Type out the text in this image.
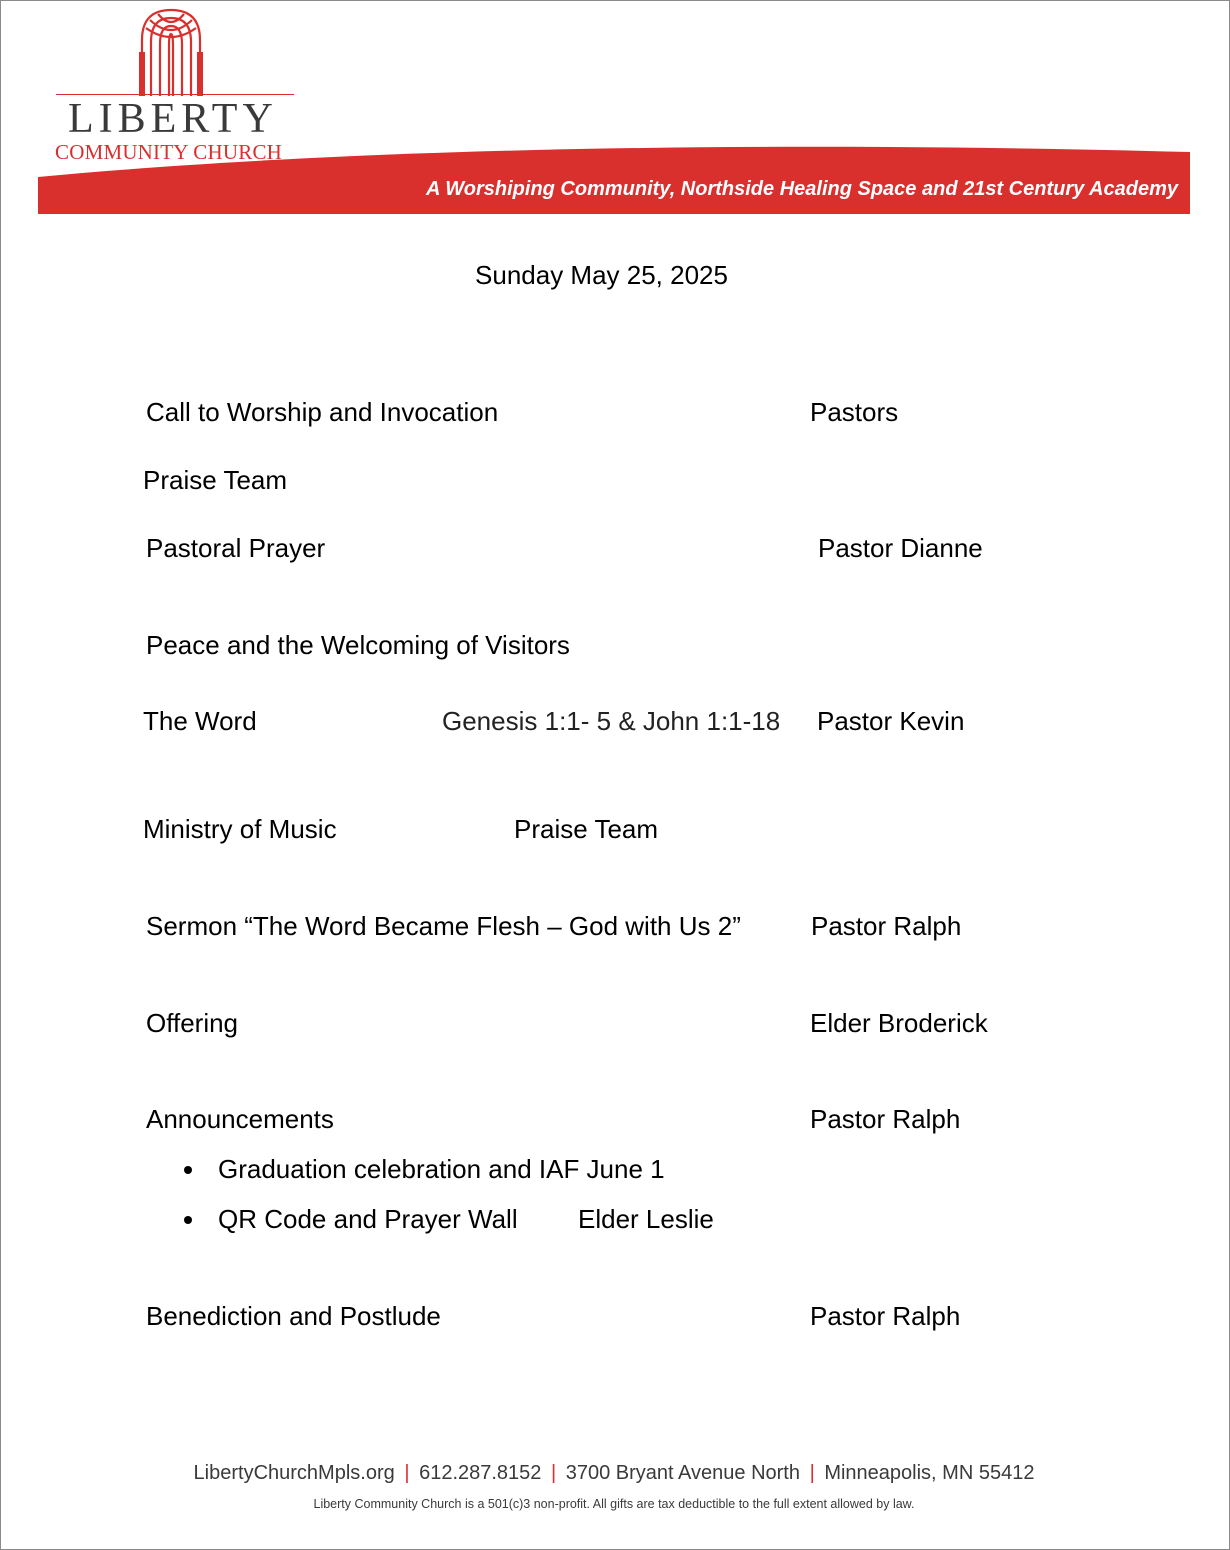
LIBERTY
COMMUNITY CHURCH
A Worshiping Community, Northside Healing Space and 21st Century Academy
Sunday May 25, 2025
Call to Worship and Invocation	Pastors
Praise Team
Pastoral Prayer	Pastor Dianne
Peace and the Welcoming of Visitors
The Word	Genesis 1:1- 5 & John 1:1-18 Pastor Kevin
Ministry of Music	Praise Team
Sermon “The Word Became Flesh – God with Us 2”	Pastor Ralph
Offering	Elder Broderick
Announcements	Pastor Ralph
Graduation celebration and IAF June 1
QR Code and Prayer Wall Elder Leslie
Benediction and Postlude	Pastor Ralph
LibertyChurchMpls.org | 612.287.8152 | 3700 Bryant Avenue North | Minneapolis, MN 55412
Liberty Community Church is a 501(c)3 non-profit. All gifts are tax deductible to the full extent allowed by law.
